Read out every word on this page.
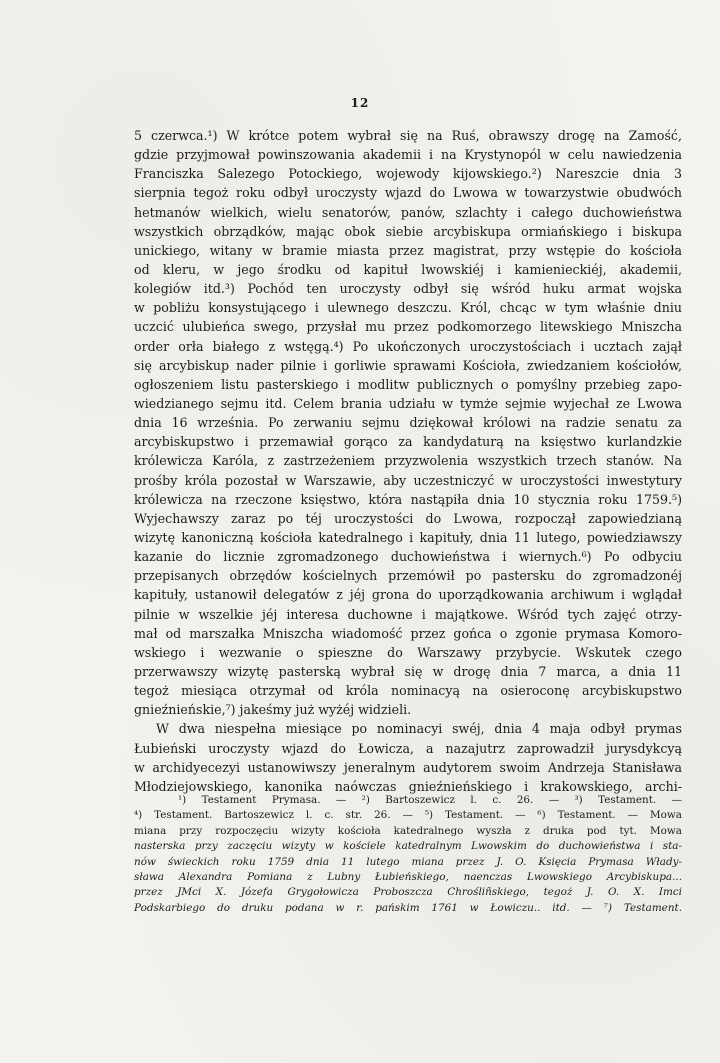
12
5 czerwca.¹) W krótce potem wybrał się na Ruś, obrawszy drogę na Zamość,
gdzie przyjmował powinszowania akademii i na Krystynopól w celu nawiedzenia
Franciszka Salezego Potockiego, wojewody kijowskiego.²) Nareszcie dnia 3
sierpnia tegoż roku odbył uroczysty wjazd do Lwowa w towarzystwie obudwóch
hetmanów wielkich, wielu senatorów, panów, szlachty i całego duchowieństwa
wszystkich obrządków, mając obok siebie arcybiskupa ormiańskiego i biskupa
unickiego, witany w bramie miasta przez magistrat, przy wstępie do kościoła
od kleru, w jego środku od kapituł lwowskiéj i kamienieckiéj, akademii,
kolegiów itd.³) Pochód ten uroczysty odbył się wśród huku armat wojska
w pobliżu konsystującego i ulewnego deszczu. Król, chcąc w tym właśnie dniu
uczcić ulubieńca swego, przysłał mu przez podkomorzego litewskiego Mniszcha
order orła białego z wstęgą.⁴) Po ukończonych uroczystościach i ucztach zajął
się arcybiskup nader pilnie i gorliwie sprawami Kościoła, zwiedzaniem kościołów,
ogłoszeniem listu pasterskiego i modlitw publicznych o pomyślny przebieg zapo-
wiedzianego sejmu itd. Celem brania udziału w tymże sejmie wyjechał ze Lwowa
dnia 16 września. Po zerwaniu sejmu dziękował królowi na radzie senatu za
arcybiskupstwo i przemawiał gorąco za kandydaturą na księstwo kurlandzkie
królewicza Karóla, z zastrzeżeniem przyzwolenia wszystkich trzech stanów. Na
prośby króla pozostał w Warszawie, aby uczestniczyć w uroczystości inwestytury
królewicza na rzeczone księstwo, która nastąpiła dnia 10 stycznia roku 1759.⁵)
Wyjechawszy zaraz po téj uroczystości do Lwowa, rozpoczął zapowiedzianą
wizytę kanoniczną kościoła katedralnego i kapituły, dnia 11 lutego, powiedziawszy
kazanie do licznie zgromadzonego duchowieństwa i wiernych.⁶) Po odbyciu
przepisanych obrzędów kościelnych przemówił po pastersku do zgromadzonéj
kapituły, ustanowił delegatów z jéj grona do uporządkowania archiwum i wglądał
pilnie w wszelkie jéj interesa duchowne i majątkowe. Wśród tych zajęć otrzy-
mał od marszałka Mniszcha wiadomość przez gońca o zgonie prymasa Komoro-
wskiego i wezwanie o spieszne do Warszawy przybycie. Wskutek czego
przerwawszy wizytę pasterską wybrał się w drogę dnia 7 marca, a dnia 11
tegoż miesiąca otrzymał od króla nominacyą na osieroconę arcybiskupstwo
gnieźnieńskie,⁷) jakeśmy już wyżéj widzieli.
W dwa niespełna miesiące po nominacyi swéj, dnia 4 maja odbył prymas
Łubieński uroczysty wjazd do Łowicza, a nazajutrz zaprowadził jurysdykcyą
w archidyecezyi ustanowiwszy jeneralnym audytorem swoim Andrzeja Stanisława
Młodziejowskiego, kanonika naówczas gnieźnieńskiego i krakowskiego, archi-
¹) Testament Prymasa. — ²) Bartoszewicz l. c. 26. — ³) Testament. —
⁴) Testament. Bartoszewicz l. c. str. 26. — ⁵) Testament. — ⁶) Testament. — Mowa
miana przy rozpoczęciu wizyty kościoła katedralnego wyszła z druka pod tyt. Mowa
nasterska przy zaczęciu wizyty w kościele katedralnym Lwowskim do duchowieństwa i sta-
nów świeckich roku 1759 dnia 11 lutego miana przez J. O. Księcia Prymasa Włady-
sława Alexandra Pomiana z Lubny Łubieńskiego, naenczas Lwowskiego Arcybiskupa...
przez JMci X. Józefa Grygołowicza Proboszcza Chrośliñskiego, tegoż J. O. X. Imci
Podskarbiego do druku podana w r. pańskim 1761 w Łowiczu.. itd. — ⁷) Testament.
